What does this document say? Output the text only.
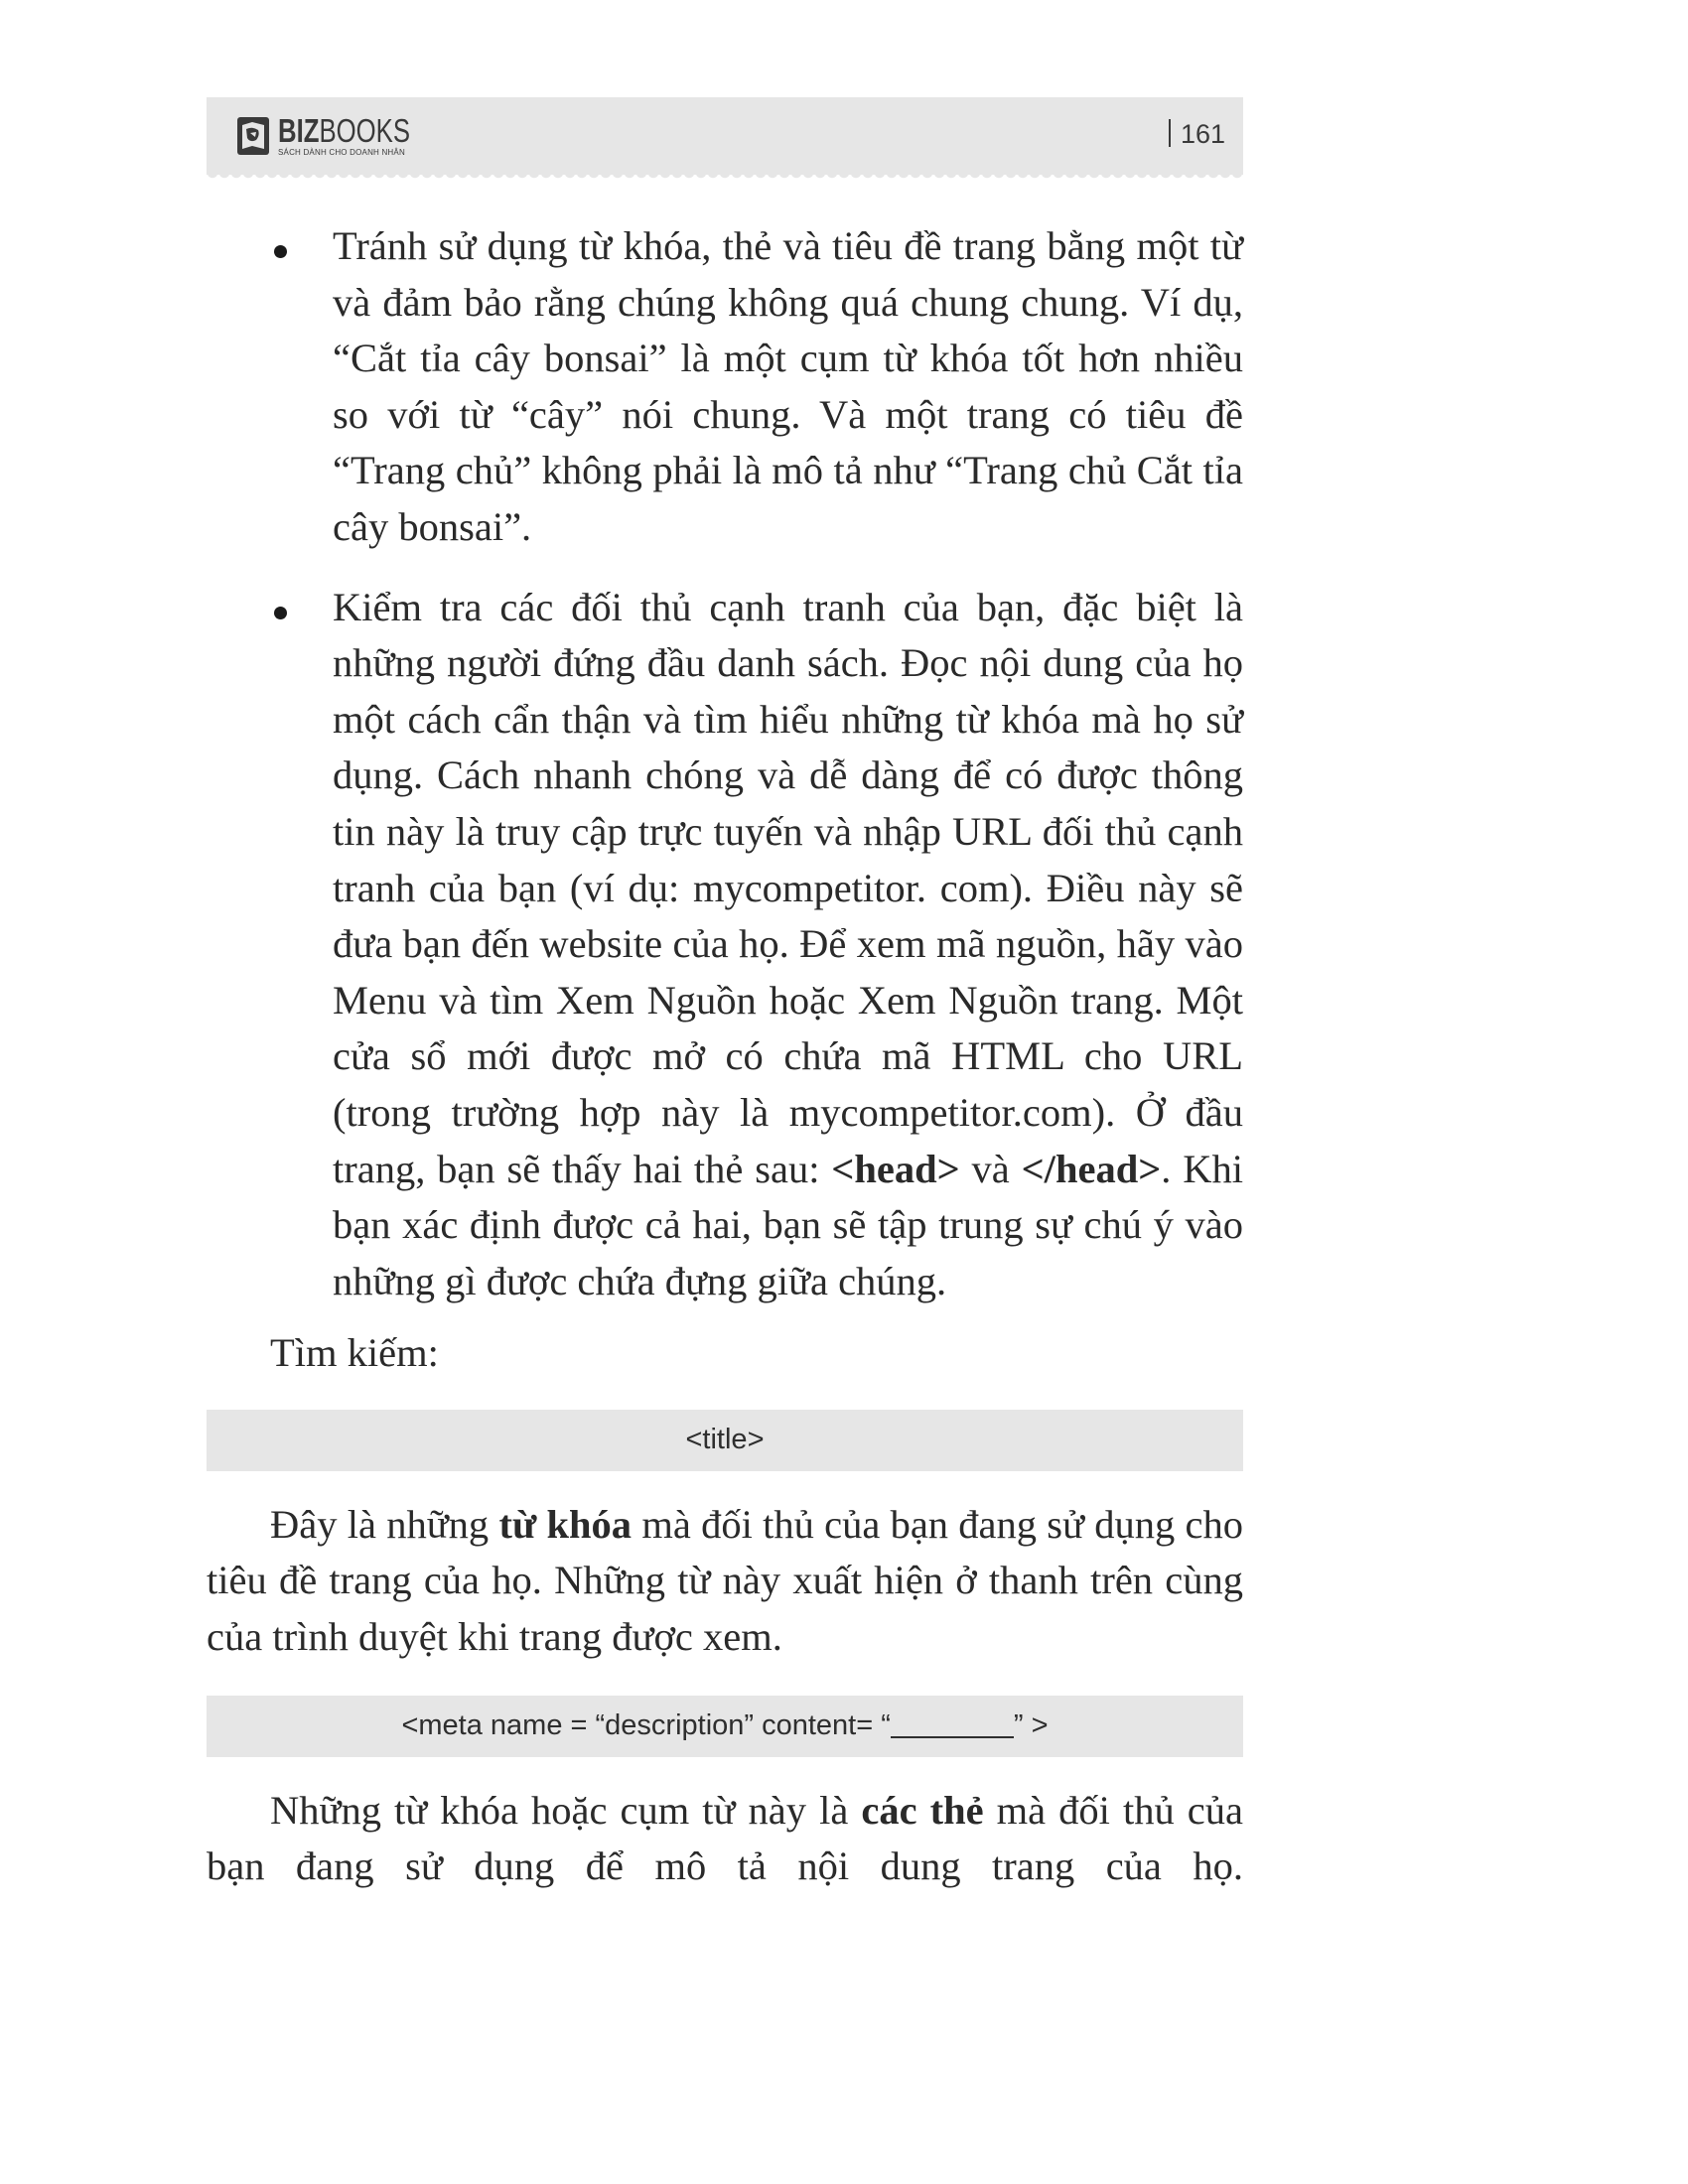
BIZBOOKS
SÁCH DÀNH CHO DOANH NHÂN
161

Tránh sử dụng từ khóa, thẻ và tiêu đề trang bằng một từ và đảm bảo rằng chúng không quá chung chung. Ví dụ, “Cắt tỉa cây bonsai” là một cụm từ khóa tốt hơn nhiều so với từ “cây” nói chung. Và một trang có tiêu đề “Trang chủ” không phải là mô tả như “Trang chủ Cắt tỉa cây bonsai”.

Kiểm tra các đối thủ cạnh tranh của bạn, đặc biệt là những người đứng đầu danh sách. Đọc nội dung của họ một cách cẩn thận và tìm hiểu những từ khóa mà họ sử dụng. Cách nhanh chóng và dễ dàng để có được thông tin này là truy cập trực tuyến và nhập URL đối thủ cạnh tranh của bạn (ví dụ: mycompetitor. com). Điều này sẽ đưa bạn đến website của họ. Để xem mã nguồn, hãy vào Menu và tìm Xem Nguồn hoặc Xem Nguồn trang. Một cửa sổ mới được mở có chứa mã HTML cho URL (trong trường hợp này là mycompetitor.com). Ở đầu trang, bạn sẽ thấy hai thẻ sau: <head> và </head>. Khi bạn xác định được cả hai, bạn sẽ tập trung sự chú ý vào những gì được chứa đựng giữa chúng.

Tìm kiếm:

<title>

Đây là những từ khóa mà đối thủ của bạn đang sử dụng cho tiêu đề trang của họ. Những từ này xuất hiện ở thanh trên cùng của trình duyệt khi trang được xem.

<meta name = “description” content= “	” >

Những từ khóa hoặc cụm từ này là các thẻ mà đối thủ của bạn đang sử dụng để mô tả nội dung trang của họ.
